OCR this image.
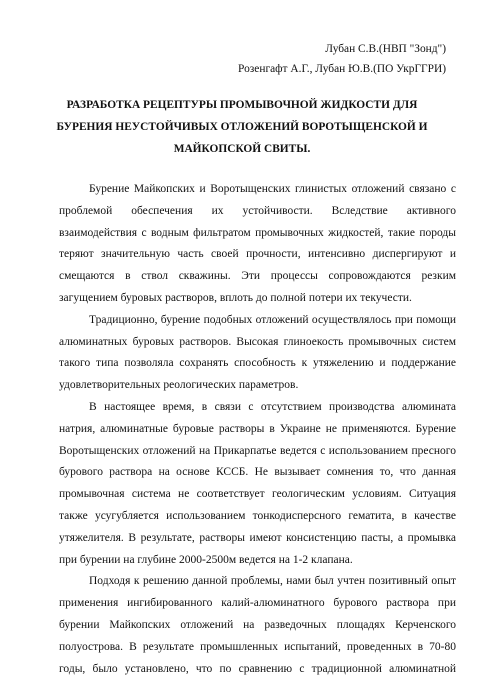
Лубан С.В.(НВП "Зонд")
Розенгафт А.Г., Лубан Ю.В.(ПО УкрГГРИ)
РАЗРАБОТКА РЕЦЕПТУРЫ ПРОМЫВОЧНОЙ ЖИДКОСТИ ДЛЯ
БУРЕНИЯ НЕУСТОЙЧИВЫХ ОТЛОЖЕНИЙ ВОРОТЫЩЕНСКОЙ И
МАЙКОПСКОЙ СВИТЫ.
Бурение Майкопских и Воротыщенских глинистых отложений связано с
проблемой обеспечения их устойчивости. Вследствие активного
взаимодействия с водным фильтратом промывочных жидкостей, такие породы
теряют значительную часть своей прочности, интенсивно диспергируют и
смещаются в ствол скважины. Эти процессы сопровождаются резким
загущением буровых растворов, вплоть до полной потери их текучести.
Традиционно, бурение подобных отложений осуществлялось при помощи
алюминатных буровых растворов. Высокая глиноекость промывочных систем
такого типа позволяла сохранять способность к утяжелению и поддержание
удовлетворительных реологических параметров.
В настоящее время, в связи с отсутствием производства алюмината
натрия, алюминатные буровые растворы в Украине не применяются. Бурение
Воротыщенских отложений на Прикарпатье ведется с использованием пресного
бурового раствора на основе КССБ. Не вызывает сомнения то, что данная
промывочная система не соответствует геологическим условиям. Ситуация
также усугубляется использованием тонкодисперсного гематита, в качестве
утяжелителя. В результате, растворы имеют консистенцию пасты, а промывка
при бурении на глубине 2000-2500м ведется на 1-2 клапана.
Подходя к решению данной проблемы, нами был учтен позитивный опыт
применения ингибированного калий-алюминатного бурового раствора при
бурении Майкопских отложений на разведочных площадях Керченского
полуострова. В результате промышленных испытаний, проведенных в 70-80
годы, было установлено, что по сравнению с традиционной алюминатной
